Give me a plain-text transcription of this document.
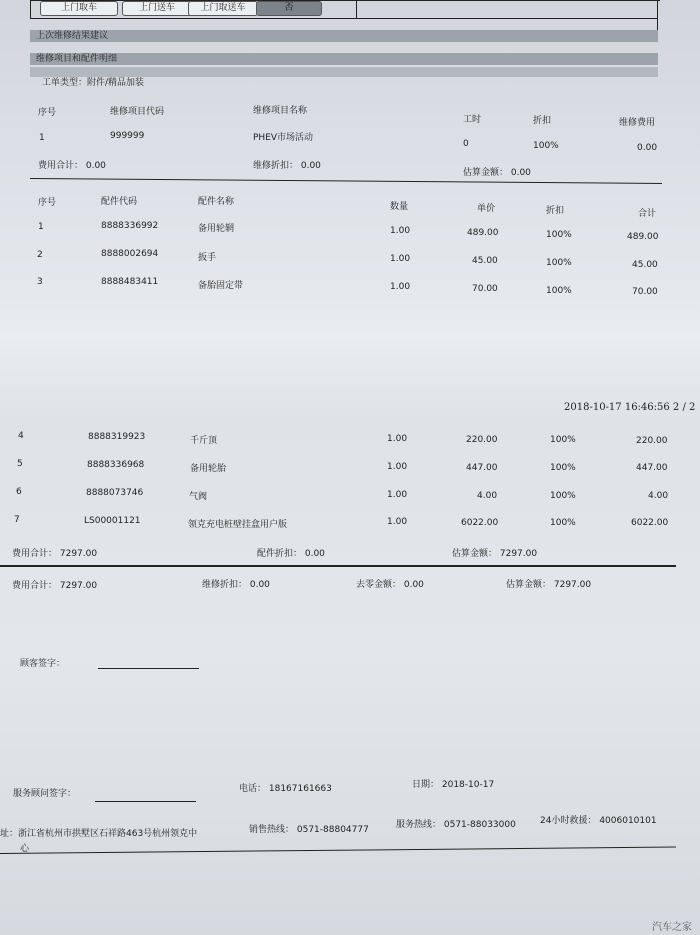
上门取车	上门送车	上门取送车	否
上次维修结果建议
维修项目和配件明细
工单类型：附件/精品加装
序号	维修项目代码	维修项目名称
工时	折扣	维修费用
1	999999	PHEV市场活动
0	100%	0.00
费用合计： 0.00	维修折扣： 0.00
估算金额： 0.00
序号	配件代码	配件名称	数量	单价	折扣	合计
1	8888336992	备用轮辋	1.00	489.00	100%	489.00
2	8888002694	扳手	1.00	45.00	100%	45.00
3	8888483411	备胎固定带	1.00	70.00	100%	70.00
2018-10-17 16:46:56 2 / 2
4	8888319923	千斤顶	1.00	220.00	100%	220.00
5	8888336968	备用轮胎	1.00	447.00	100%	447.00
6	8888073746	气阀	1.00	4.00	100%	4.00
7	LS00001121	领克充电桩壁挂盒用户版	1.00	6022.00	100%	6022.00
费用合计： 7297.00	配件折扣： 0.00	估算金额： 7297.00
费用合计： 7297.00	维修折扣： 0.00	去零金额： 0.00	估算金额： 7297.00
顾客签字：
服务顾问签字：	电话： 18167161663	日期： 2018-10-17
址：浙江省杭州市拱墅区石祥路463号杭州领克中
心
销售热线： 0571-88804777	服务热线： 0571-88033000	24小时救援： 4006010101
汽车之家
